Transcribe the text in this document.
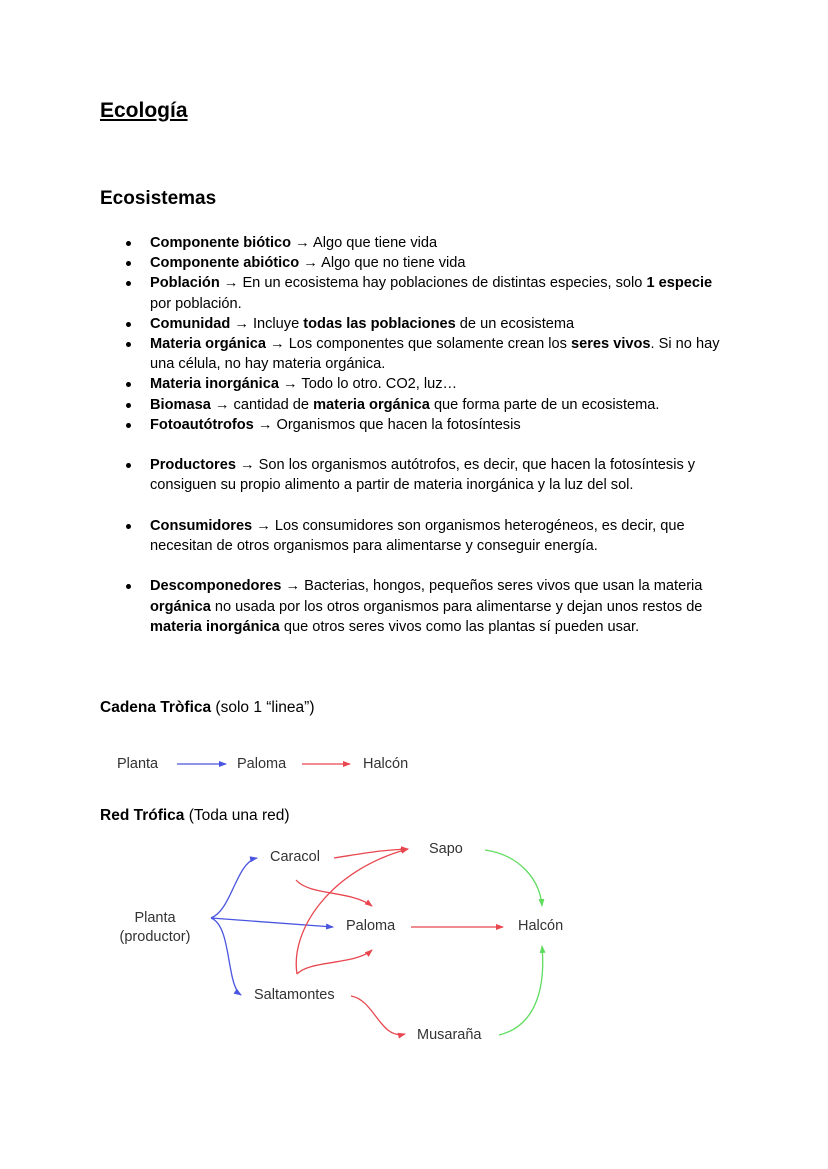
Ecología
Ecosistemas
Componente biótico → Algo que tiene vida
Componente abiótico → Algo que no tiene vida
Población → En un ecosistema hay poblaciones de distintas especies, solo 1 especie por población.
Comunidad → Incluye todas las poblaciones de un ecosistema
Materia orgánica → Los componentes que solamente crean los seres vivos. Si no hay una célula, no hay materia orgánica.
Materia inorgánica → Todo lo otro. CO2, luz…
Biomasa → cantidad de materia orgánica que forma parte de un ecosistema.
Fotoautótrofos → Organismos que hacen la fotosíntesis
Productores → Son los organismos autótrofos, es decir, que hacen la fotosíntesis y consiguen su propio alimento a partir de materia inorgánica y la luz del sol.
Consumidores → Los consumidores son organismos heterogéneos, es decir, que necesitan de otros organismos para alimentarse y conseguir energía.
Descomponedores → Bacterias, hongos, pequeños seres vivos que usan la materia orgánica no usada por los otros organismos para alimentarse y dejan unos restos de materia inorgánica que otros seres vivos como las plantas sí pueden usar.

Cadena Tròfica (solo 1 “linea”)

Planta	Paloma	Halcón

Red Trófica (Toda una red)

Planta
(productor)
Caracol	Sapo
Paloma	Halcón
Saltamontes
Musaraña
